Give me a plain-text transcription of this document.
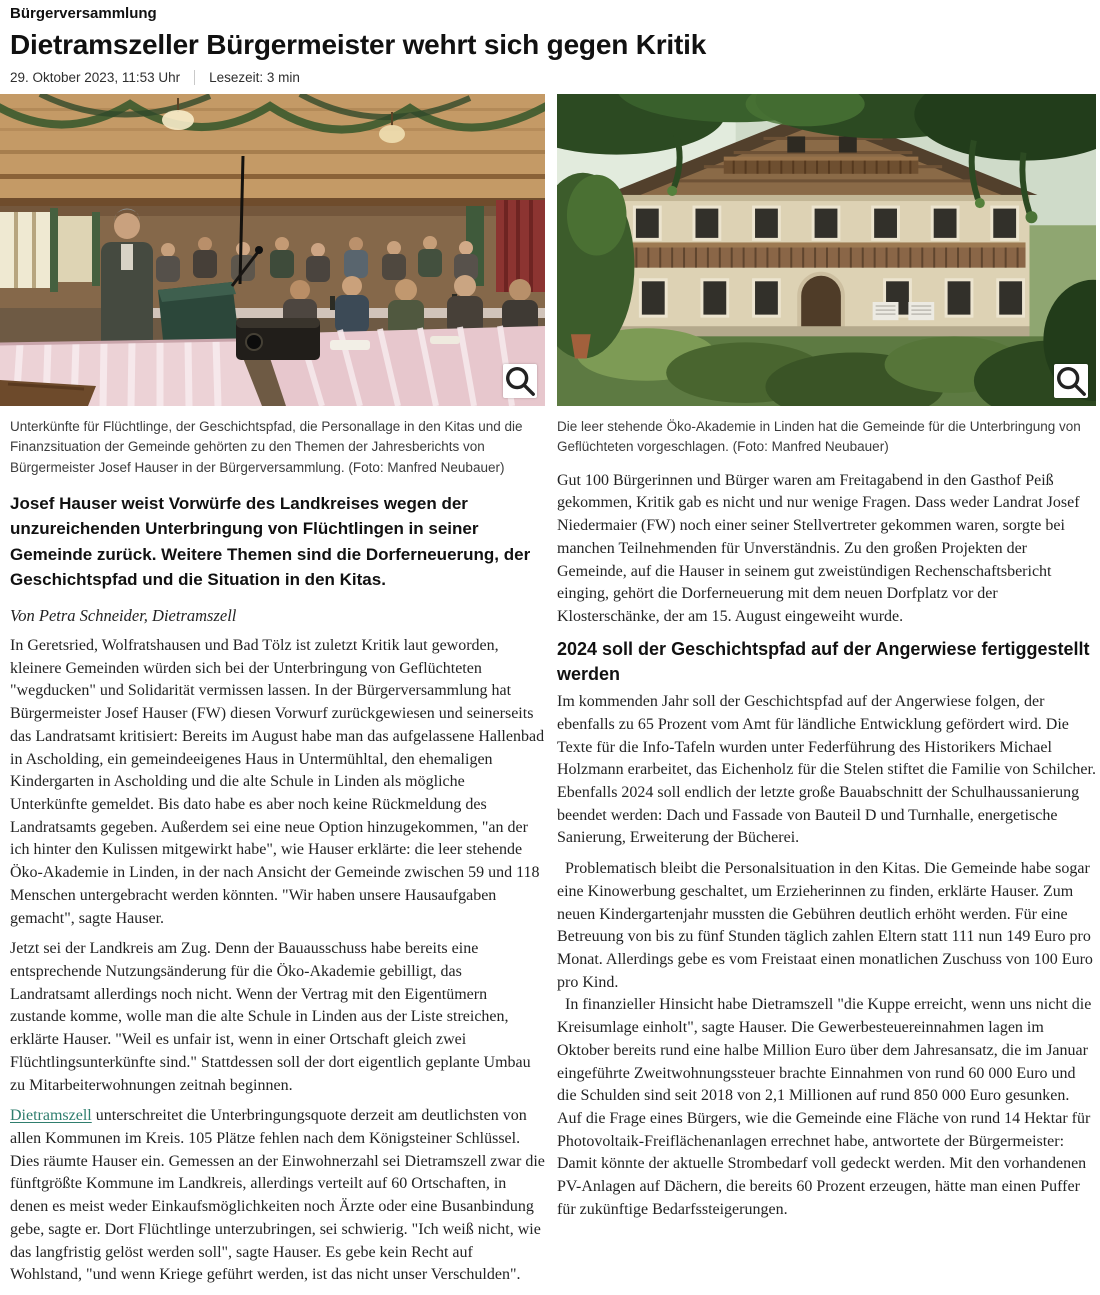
Bürgerversammlung
Dietramszeller Bürgermeister wehrt sich gegen Kritik
29. Oktober 2023, 11:53 Uhr Lesezeit: 3 min

Unterkünfte für Flüchtlinge, der Geschichtspfad, die Personallage in den Kitas und die Finanzsituation der Gemeinde gehörten zu den Themen der Jahresberichts von Bürgermeister Josef Hauser in der Bürgerversammlung. (Foto: Manfred Neubauer)

Josef Hauser weist Vorwürfe des Landkreises wegen der unzureichenden Unterbringung von Flüchtlingen in seiner Gemeinde zurück. Weitere Themen sind die Dorferneuerung, der Geschichtspfad und die Situation in den Kitas.

Von Petra Schneider, Dietramszell

In Geretsried, Wolfratshausen und Bad Tölz ist zuletzt Kritik laut geworden, kleinere Gemeinden würden sich bei der Unterbringung von Geflüchteten "wegducken" und Solidarität vermissen lassen. In der Bürgerversammlung hat Bürgermeister Josef Hauser (FW) diesen Vorwurf zurückgewiesen und seinerseits das Landratsamt kritisiert: Bereits im August habe man das aufgelassene Hallenbad in Ascholding, ein gemeindeeigenes Haus in Untermühltal, den ehemaligen Kindergarten in Ascholding und die alte Schule in Linden als mögliche Unterkünfte gemeldet. Bis dato habe es aber noch keine Rückmeldung des Landratsamts gegeben. Außerdem sei eine neue Option hinzugekommen, "an der ich hinter den Kulissen mitgewirkt habe", wie Hauser erklärte: die leer stehende Öko-Akademie in Linden, in der nach Ansicht der Gemeinde zwischen 59 und 118 Menschen untergebracht werden könnten. "Wir haben unsere Hausaufgaben gemacht", sagte Hauser.

Jetzt sei der Landkreis am Zug. Denn der Bauausschuss habe bereits eine entsprechende Nutzungsänderung für die Öko-Akademie gebilligt, das Landratsamt allerdings noch nicht. Wenn der Vertrag mit den Eigentümern zustande komme, wolle man die alte Schule in Linden aus der Liste streichen, erklärte Hauser. "Weil es unfair ist, wenn in einer Ortschaft gleich zwei Flüchtlingsunterkünfte sind." Stattdessen soll der dort eigentlich geplante Umbau zu Mitarbeiterwohnungen zeitnah beginnen.

Dietramszell unterschreitet die Unterbringungsquote derzeit am deutlichsten von allen Kommunen im Kreis. 105 Plätze fehlen nach dem Königsteiner Schlüssel. Dies räumte Hauser ein. Gemessen an der Einwohnerzahl sei Dietramszell zwar die fünftgrößte Kommune im Landkreis, allerdings verteilt auf 60 Ortschaften, in denen es meist weder Einkaufsmöglichkeiten noch Ärzte oder eine Busanbindung gebe, sagte er. Dort Flüchtlinge unterzubringen, sei schwierig. "Ich weiß nicht, wie das langfristig gelöst werden soll", sagte Hauser. Es gebe kein Recht auf Wohlstand, "und wenn Kriege geführt werden, ist das nicht unser Verschulden".

Die leer stehende Öko-Akademie in Linden hat die Gemeinde für die Unterbringung von Geflüchteten vorgeschlagen. (Foto: Manfred Neubauer)

Gut 100 Bürgerinnen und Bürger waren am Freitagabend in den Gasthof Peiß gekommen, Kritik gab es nicht und nur wenige Fragen. Dass weder Landrat Josef Niedermaier (FW) noch einer seiner Stellvertreter gekommen waren, sorgte bei manchen Teilnehmenden für Unverständnis. Zu den großen Projekten der Gemeinde, auf die Hauser in seinem gut zweistündigen Rechenschaftsbericht einging, gehört die Dorferneuerung mit dem neuen Dorfplatz vor der Klosterschänke, der am 15. August eingeweiht wurde.

2024 soll der Geschichtspfad auf der Angerwiese fertiggestellt werden

Im kommenden Jahr soll der Geschichtspfad auf der Angerwiese folgen, der ebenfalls zu 65 Prozent vom Amt für ländliche Entwicklung gefördert wird. Die Texte für die Info-Tafeln wurden unter Federführung des Historikers Michael Holzmann erarbeitet, das Eichenholz für die Stelen stiftet die Familie von Schilcher. Ebenfalls 2024 soll endlich der letzte große Bauabschnitt der Schulhaussanierung beendet werden: Dach und Fassade von Bauteil D und Turnhalle, energetische Sanierung, Erweiterung der Bücherei.

Problematisch bleibt die Personalsituation in den Kitas. Die Gemeinde habe sogar eine Kinowerbung geschaltet, um Erzieherinnen zu finden, erklärte Hauser. Zum neuen Kindergartenjahr mussten die Gebühren deutlich erhöht werden. Für eine Betreuung von bis zu fünf Stunden täglich zahlen Eltern statt 111 nun 149 Euro pro Monat. Allerdings gebe es vom Freistaat einen monatlichen Zuschuss von 100 Euro pro Kind.

In finanzieller Hinsicht habe Dietramszell "die Kuppe erreicht, wenn uns nicht die Kreisumlage einholt", sagte Hauser. Die Gewerbesteuereinnahmen lagen im Oktober bereits rund eine halbe Million Euro über dem Jahresansatz, die im Januar eingeführte Zweitwohnungssteuer brachte Einnahmen von rund 60 000 Euro und die Schulden sind seit 2018 von 2,1 Millionen auf rund 850 000 Euro gesunken. Auf die Frage eines Bürgers, wie die Gemeinde eine Fläche von rund 14 Hektar für Photovoltaik-Freiflächenanlagen errechnet habe, antwortete der Bürgermeister: Damit könnte der aktuelle Strombedarf voll gedeckt werden. Mit den vorhandenen PV-Anlagen auf Dächern, die bereits 60 Prozent erzeugen, hätte man einen Puffer für zukünftige Bedarfssteigerungen.
